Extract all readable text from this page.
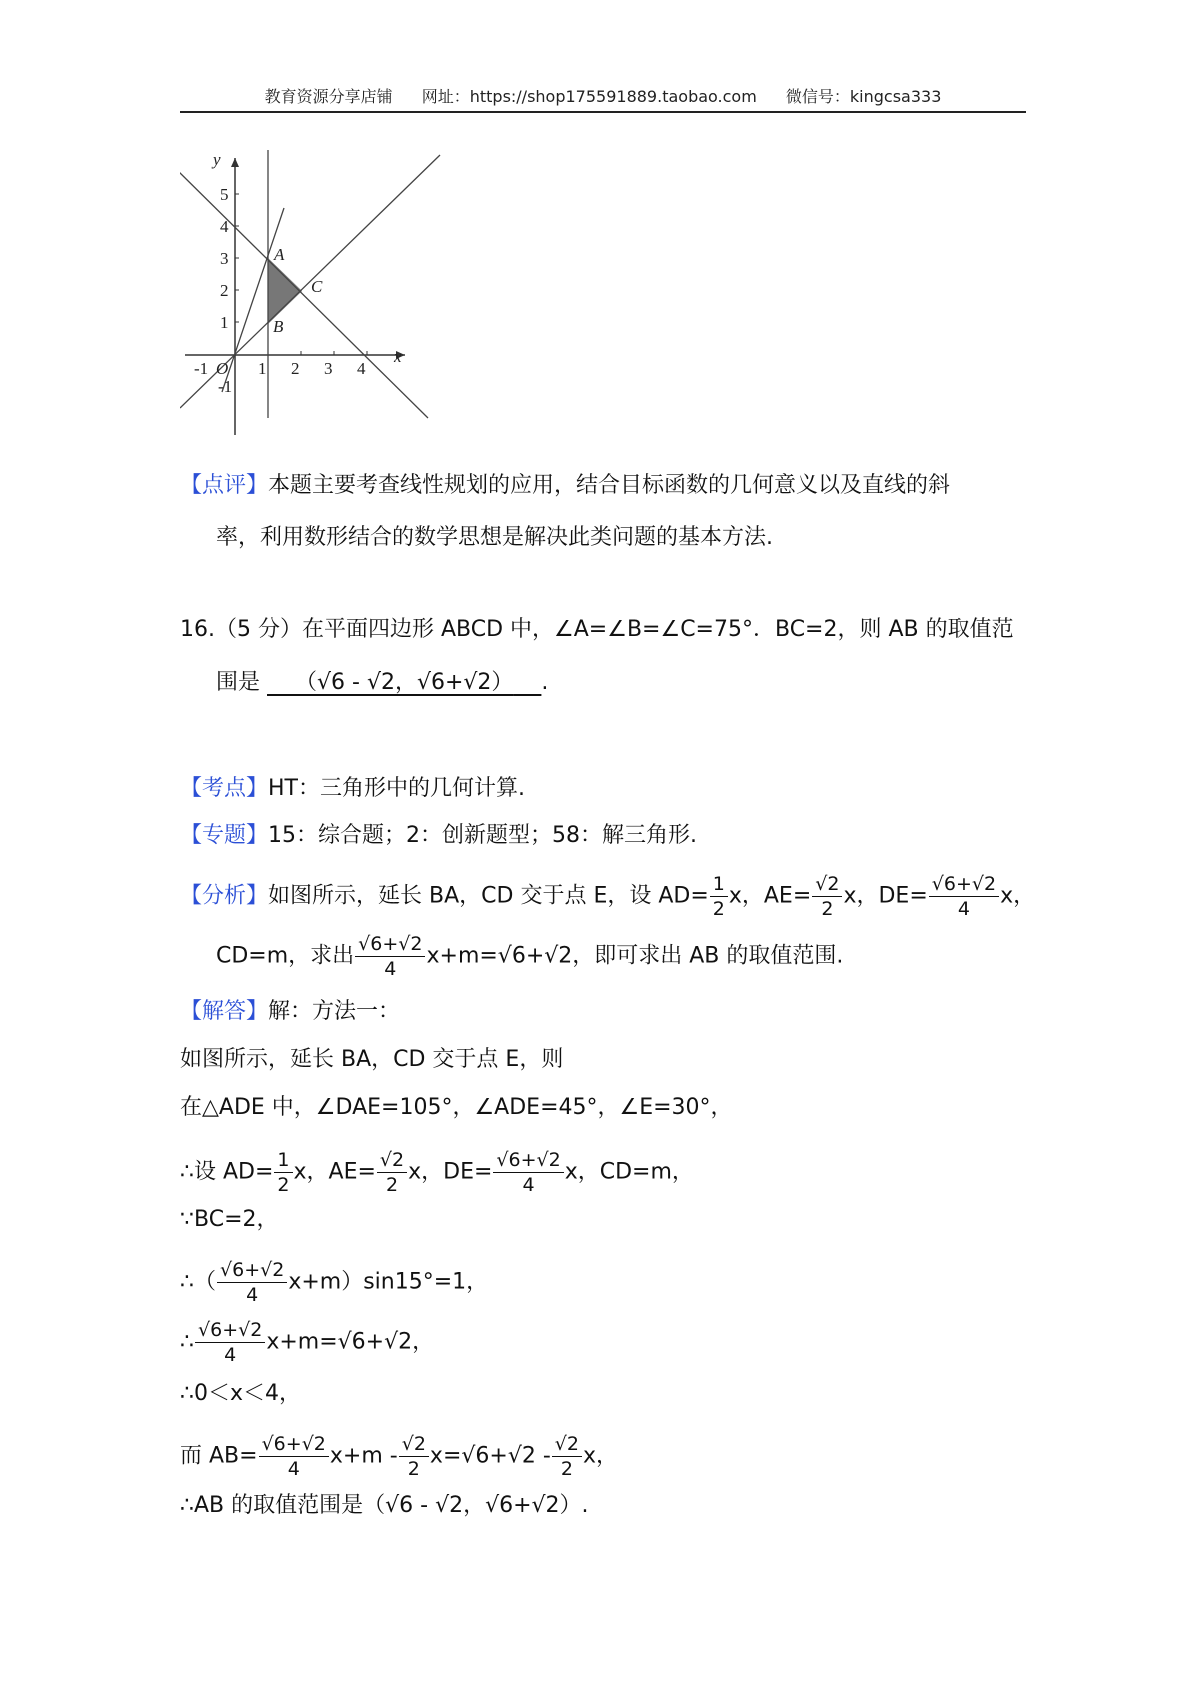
教育资源分享店铺 网址：https://shop175591889.taobao.com 微信号：kingcsa333
x
y
O
-1	1 2 3 4
-1
1
2
3
4
5
A
B
C
【点评】本题主要考查线性规划的应用，结合目标函数的几何意义以及直线的斜
率，利用数形结合的数学思想是解决此类问题的基本方法.
16.（5 分）在平面四边形 ABCD 中，∠A=∠B=∠C=75°．BC=2，则 AB 的取值范
围是 （√6 - √2，√6+√2） .
【考点】HT：三角形中的几何计算.
【专题】15：综合题；2：创新题型；58：解三角形.
【分析】如图所示，延长 BA，CD 交于点 E，设 $AD= \frac{1}{2}$ x，$AE= \frac{√2}{2}$ x，$DE= \frac{√6+√2}{4}$ x，
CD=m，求出 $\frac{√6+√2}{4} x+m=√6+√2$，即可求出 AB 的取值范围.
【解答】解：方法一：
如图所示，延长 BA，CD 交于点 E，则
在△ADE 中，∠DAE=105°，∠ADE=45°，∠E=30°，
∴设 $AD= \frac{1}{2}$ x，$AE= \frac{√2}{2}$ x，$DE= \frac{√6+√2}{4}$ x，CD=m，
∵BC=2，
∴（ $\frac{√6+√2}{4} x+m)\sin 15^\circ=1$，
∴ $\frac{√6+√2}{4} x+m=√6+√2$，
∴0＜x＜4，
而 $AB= \frac{√6+√2}{4} x+m - \frac{√2}{2} x=√6+√2 - \frac{√2}{2}$ x，
∴AB 的取值范围是（√6 - √2，√6+√2）.
